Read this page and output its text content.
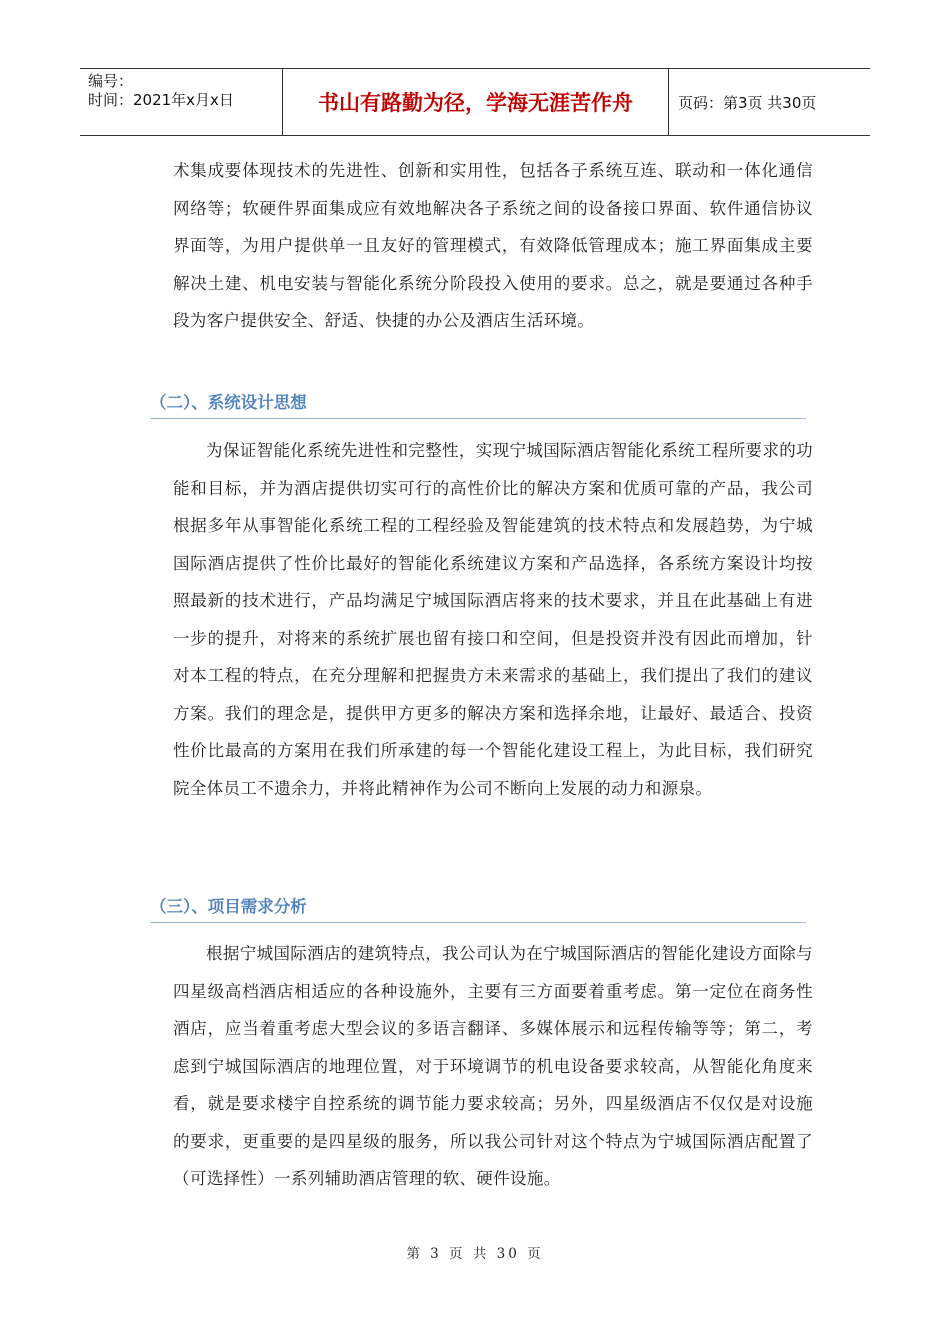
编号：
时间：2021年x月x日	书山有路勤为径，学海无涯苦作舟	页码：第3页 共30页
术集成要体现技术的先进性、创新和实用性，包括各子系统互连、联动和一体化通信网络等；软硬件界面集成应有效地解决各子系统之间的设备接口界面、软件通信协议界面等，为用户提供单一且友好的管理模式，有效降低管理成本；施工界面集成主要解决土建、机电安装与智能化系统分阶段投入使用的要求。总之，就是要通过各种手段为客户提供安全、舒适、快捷的办公及酒店生活环境。
（二）、系统设计思想
为保证智能化系统先进性和完整性，实现宁城国际酒店智能化系统工程所要求的功能和目标，并为酒店提供切实可行的高性价比的解决方案和优质可靠的产品，我公司根据多年从事智能化系统工程的工程经验及智能建筑的技术特点和发展趋势，为宁城国际酒店提供了性价比最好的智能化系统建议方案和产品选择，各系统方案设计均按照最新的技术进行，产品均满足宁城国际酒店将来的技术要求，并且在此基础上有进一步的提升，对将来的系统扩展也留有接口和空间，但是投资并没有因此而增加，针对本工程的特点，在充分理解和把握贵方未来需求的基础上，我们提出了我们的建议方案。我们的理念是，提供甲方更多的解决方案和选择余地，让最好、最适合、投资性价比最高的方案用在我们所承建的每一个智能化建设工程上，为此目标，我们研究院全体员工不遗余力，并将此精神作为公司不断向上发展的动力和源泉。
（三）、项目需求分析
根据宁城国际酒店的建筑特点，我公司认为在宁城国际酒店的智能化建设方面除与四星级高档酒店相适应的各种设施外，主要有三方面要着重考虑。第一定位在商务性酒店，应当着重考虑大型会议的多语言翻译、多媒体展示和远程传输等等；第二，考虑到宁城国际酒店的地理位置，对于环境调节的机电设备要求较高，从智能化角度来看，就是要求楼宇自控系统的调节能力要求较高；另外，四星级酒店不仅仅是对设施的要求，更重要的是四星级的服务，所以我公司针对这个特点为宁城国际酒店配置了（可选择性）一系列辅助酒店管理的软、硬件设施。
第 3 页 共 30 页
